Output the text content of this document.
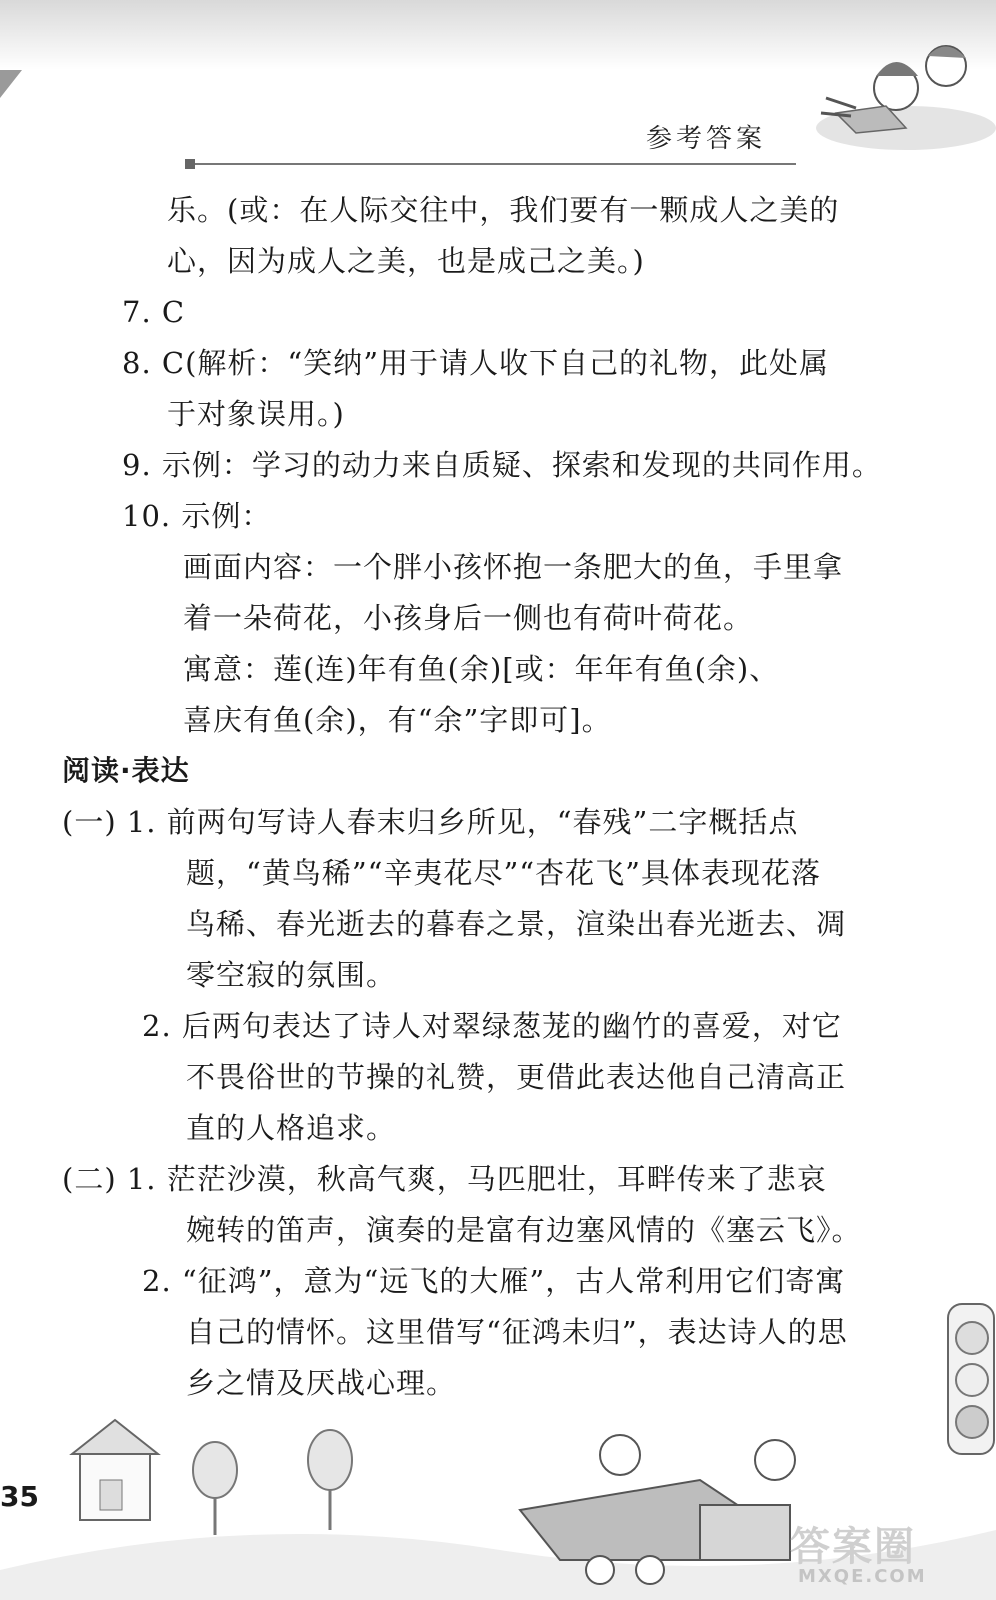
参考答案
乐。(或：在人际交往中，我们要有一颗成人之美的
心，因为成人之美，也是成己之美。)
7. C
8. C(解析：“笑纳”用于请人收下自己的礼物，此处属
于对象误用。)
9. 示例：学习的动力来自质疑、探索和发现的共同作用。
10. 示例：
画面内容：一个胖小孩怀抱一条肥大的鱼，手里拿
着一朵荷花，小孩身后一侧也有荷叶荷花。
寓意：莲(连)年有鱼(余)[或：年年有鱼(余)、
喜庆有鱼(余)，有“余”字即可]。
阅读·表达
(一) 1. 前两句写诗人春末归乡所见，“春残”二字概括点
题，“黄鸟稀”“辛夷花尽”“杏花飞”具体表现花落
鸟稀、春光逝去的暮春之景，渲染出春光逝去、凋
零空寂的氛围。
2. 后两句表达了诗人对翠绿葱茏的幽竹的喜爱，对它
不畏俗世的节操的礼赞，更借此表达他自己清高正
直的人格追求。
(二) 1. 茫茫沙漠，秋高气爽，马匹肥壮，耳畔传来了悲哀
婉转的笛声，演奏的是富有边塞风情的《塞云飞》。
2. “征鸿”，意为“远飞的大雁”，古人常利用它们寄寓
自己的情怀。这里借写“征鸿未归”，表达诗人的思
乡之情及厌战心理。
35
答案圈
MXQE.COM
